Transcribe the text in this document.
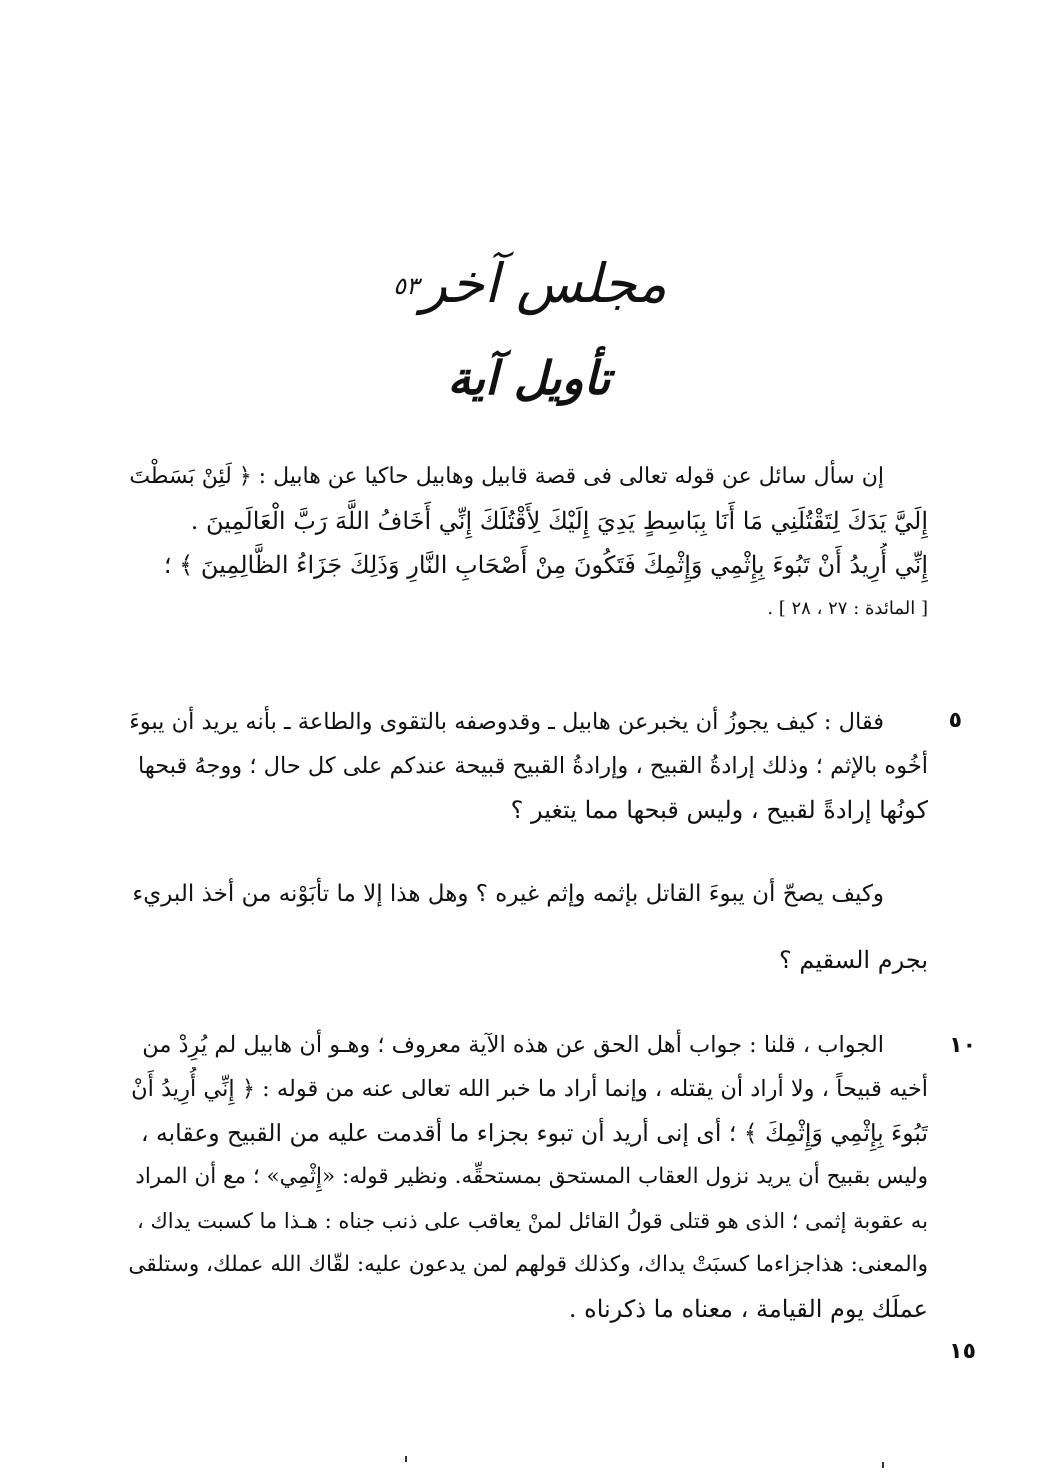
مجلس آخر$^{٥٣}$
تأويل آية
إن سأل سائل عن قوله تعالى فى قصة قابيل وهابيل حاكيا عن هابيل : ﴿ لَئِنْ بَسَطْتَ
إِلَيَّ يَدَكَ لِتَقْتُلَنِي مَا أَنَا بِبَاسِطٍ يَدِيَ إِلَيْكَ لِأَقْتُلَكَ إِنِّي أَخَافُ اللَّهَ رَبَّ الْعَالَمِينَ .
إِنِّي أُرِيدُ أَنْ تَبُوءَ بِإِثْمِي وَإِثْمِكَ فَتَكُونَ مِنْ أَصْحَابِ النَّارِ وَذَلِكَ جَزَاءُ الظَّالِمِينَ ﴾ ؛
[ المائدة : ٢٧ ، ٢٨ ] .
٥
فقال : كيف يجوزُ أن يخبرعن هابيل ـ وقدوصفه بالتقوى والطاعة ـ بأنه يريد أن يبوءَ
أخُوه بالإثم ؛ وذلك إرادةُ القبيح ، وإرادةُ القبيح قبيحة عندكم على كل حال ؛ ووجهُ قبحها
كونُها إرادةً لقبيح ، وليس قبحها مما يتغير ؟
وكيف يصحّ أن يبوءَ القاتل بإثمه وإثم غيره ؟ وهل هذا إلا ما تأبَوْنه من أخذ البريء
بجرم السقيم ؟
١٠
١٥
الجواب ، قلنا : جواب أهل الحق عن هذه الآية معروف ؛ وهـو أن هابيل لم يُرِدْ من
أخيه قبيحاً ، ولا أراد أن يقتله ، وإنما أراد ما خبر الله تعالى عنه من قوله : ﴿ إِنِّي أُرِيدُ أَنْ
تَبُوءَ بِإِثْمِي وَإِثْمِكَ ﴾ ؛ أى إنى أريد أن تبوء بجزاء ما أقدمت عليه من القبيح وعقابه ،
وليس بقبيح أن يريد نزول العقاب المستحق بمستحقِّه. ونظير قوله: «إِثْمِي» ؛ مع أن المراد
به عقوبة إثمى ؛ الذى هو قتلى قولُ القائل لمنْ يعاقب على ذنب جناه : هـذا ما كسبت يداك ،
والمعنى: هذاجزاءما كسبَتْ يداك، وكذلك قولهم لمن يدعون عليه: لقّاك الله عملك، وستلقى
عملَك يوم القيامة ، معناه ما ذكرناه .
